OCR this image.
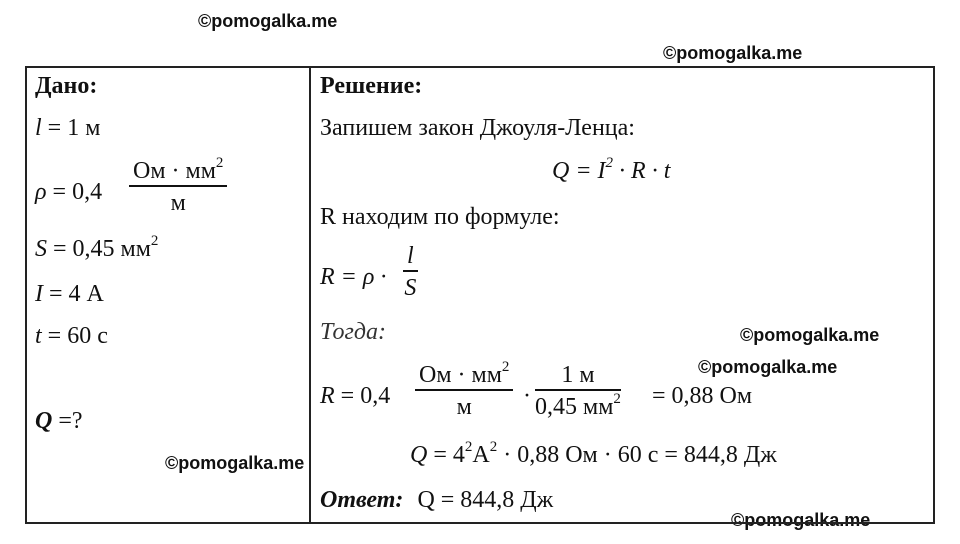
©pomogalka.me
©pomogalka.me
©pomogalka.me
©pomogalka.me
©pomogalka.me
©pomogalka.me
Дано:
l = 1 м
ρ = 0,4
Ом · $мм^2$
м
S = 0,45 $мм^2$
I = 4 А
t = 60 с
Q =?
Решение:
Запишем закон Джоуля-Ленца:
$Q = I^2 \cdot R \cdot t$
R находим по формуле:
$R = \rho \cdot \frac{l}{S}$
Тогда:
R = 0,4
Ом · $мм^2$
м	·
1 м
0,45 $мм^2 = 0,88$ Ом
$Q = 4^2А^2 \cdot 0,88$ Ом · 60 с = 844,8 Дж
Ответ: Q = 844,8 Дж
